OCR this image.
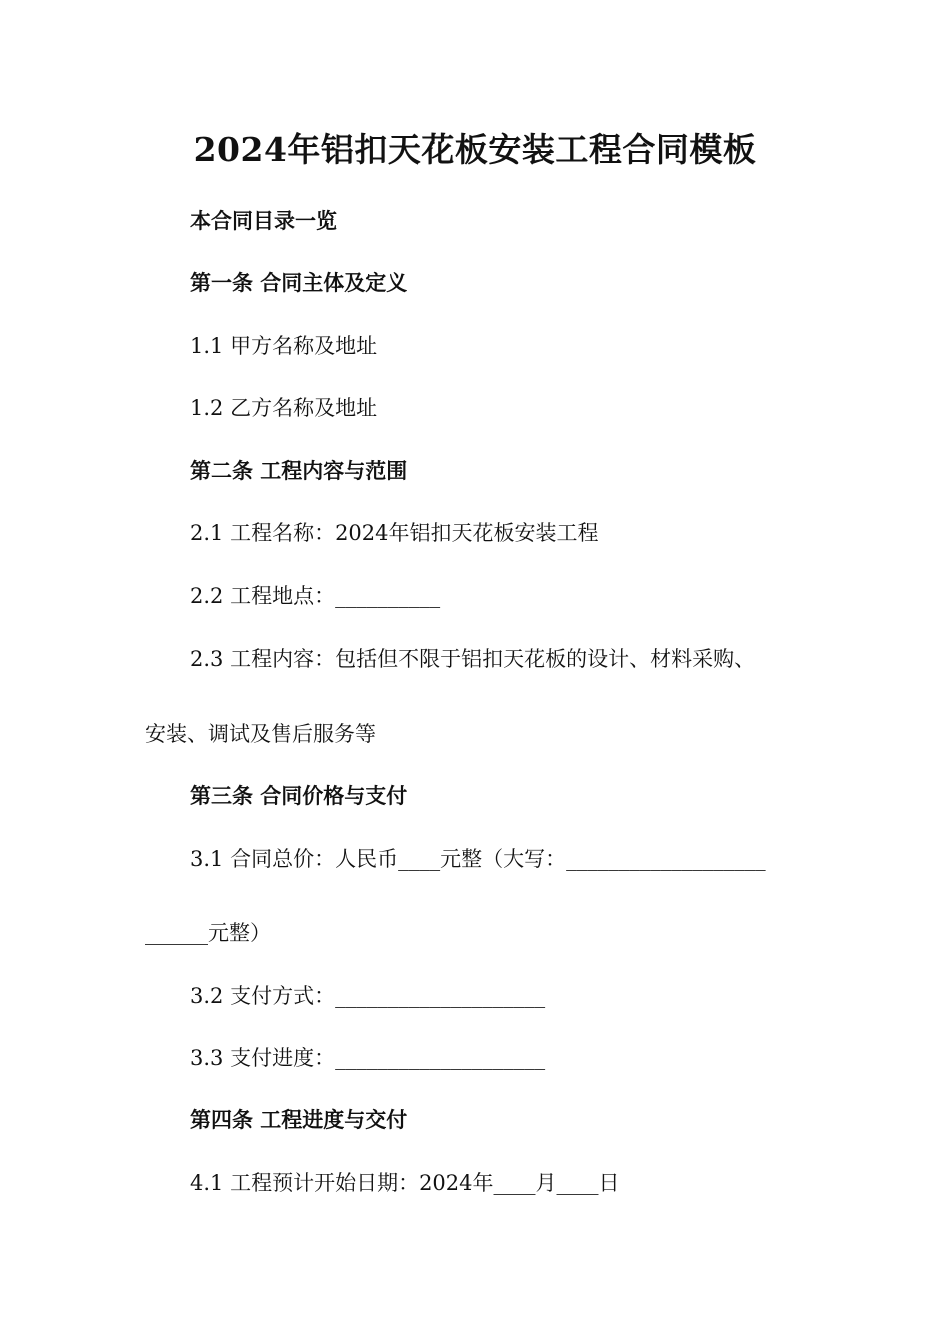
2024年铝扣天花板安装工程合同模板

本合同目录一览

第一条 合同主体及定义

1.1 甲方名称及地址

1.2 乙方名称及地址

第二条 工程内容与范围

2.1 工程名称：2024年铝扣天花板安装工程

2.2 工程地点：__________

2.3 工程内容：包括但不限于铝扣天花板的设计、材料采购、

安装、调试及售后服务等

第三条 合同价格与支付

3.1 合同总价：人民币____元整（大写：___________________

______元整）

3.2 支付方式：____________________

3.3 支付进度：____________________

第四条 工程进度与交付

4.1 工程预计开始日期：2024年____月____日
